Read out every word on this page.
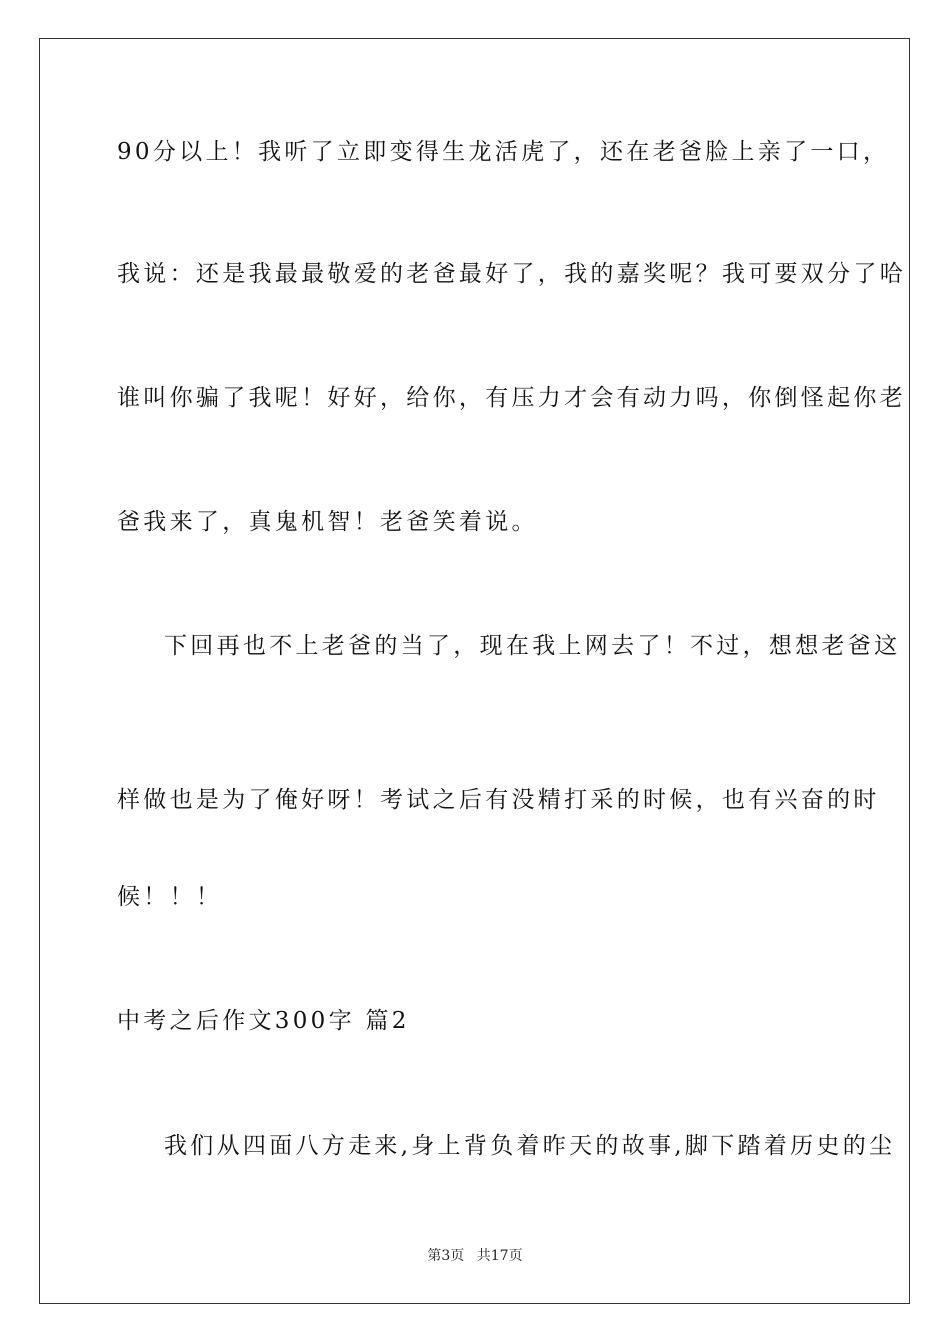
90分以上！我听了立即变得生龙活虎了，还在老爸脸上亲了一口，
我说：还是我最最敬爱的老爸最好了，我的嘉奖呢？我可要双分了哈
谁叫你骗了我呢！好好，给你，有压力才会有动力吗，你倒怪起你老
爸我来了，真鬼机智！老爸笑着说。
下回再也不上老爸的当了，现在我上网去了！不过，想想老爸这
样做也是为了俺好呀！考试之后有没精打采的时候，也有兴奋的时
候！！！
中考之后作文300字 篇2
我们从四面八方走来,身上背负着昨天的故事,脚下踏着历史的尘
第3页 共17页
